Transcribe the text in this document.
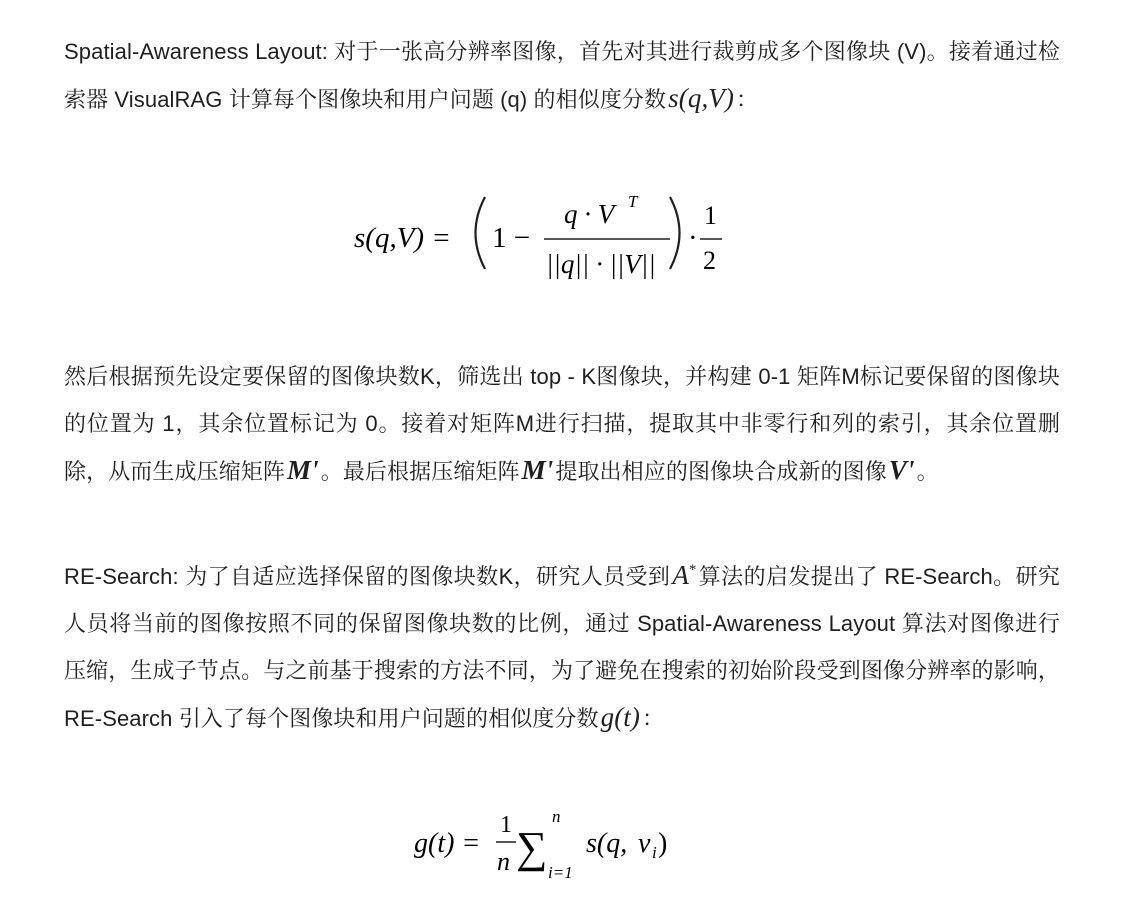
Spatial-Awareness Layout: 对于一张高分辨率图像，首先对其进行裁剪成多个图像块 (V)。接着通过检索器 VisualRAG 计算每个图像块和用户问题 (q) 的相似度分数s(q,V)：

s(q,V) = 1 −
q · V T
||q|| · ||V||
·
1
2

然后根据预先设定要保留的图像块数K，筛选出 top - K图像块，并构建 0-1 矩阵M标记要保留的图像块的位置为 1，其余位置标记为 0。接着对矩阵M进行扫描，提取其中非零行和列的索引，其余位置删除，从而生成压缩矩阵M'。最后根据压缩矩阵M'提取出相应的图像块合成新的图像V'。

RE-Search: 为了自适应选择保留的图像块数K，研究人员受到A*算法的启发提出了 RE-Search。研究人员将当前的图像按照不同的保留图像块数的比例，通过 Spatial-Awareness Layout 算法对图像进行压缩，生成子节点。与之前基于搜索的方法不同，为了避免在搜索的初始阶段受到图像分辨率的影响，RE-Search 引入了每个图像块和用户问题的相似度分数g(t)：

g(t) =
1
n ∑
n
i=1
s(q, v i )
